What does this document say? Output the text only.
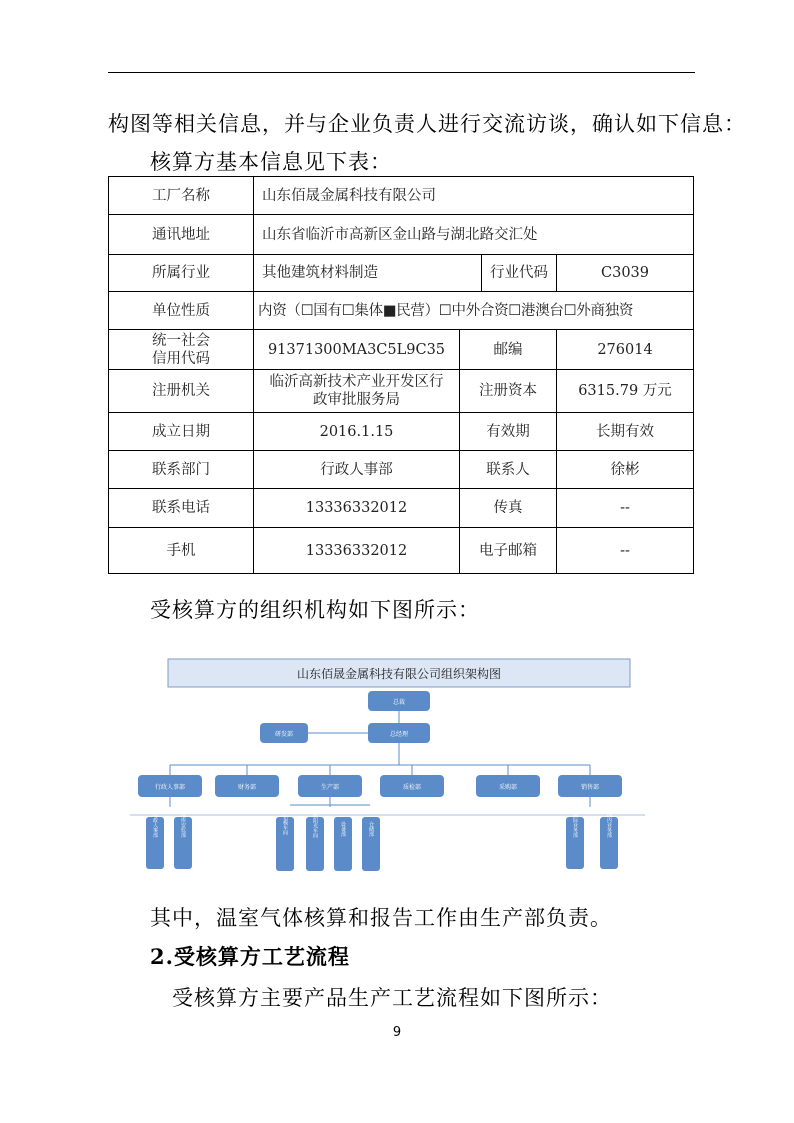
构图等相关信息，并与企业负责人进行交流访谈，确认如下信息：
核算方基本信息见下表：
工厂名称	山东佰晟金属科技有限公司			
通讯地址	山东省临沂市高新区金山路与湖北路交汇处			
所属行业	其他建筑材料制造		行业代码	C3039
单位性质	内资（☐国有☐集体■民营）☐中外合资☐港澳台☐外商独资			

统一社会
信用代码	91371300MA3C5L9C35	邮编		276014
注册机关	临沂高新技术产业开发区行
政审批服务局	注册资本		6315.79 万元
成立日期	2016.1.15	有效期		长期有效
联系部门	行政人事部	联系人		徐彬
联系电话	13336332012	传真		--
手机	13336332012	电子邮箱		--
受核算方的组织机构如下图所示：
山东佰晟金属科技有限公司组织架构图
总裁
总经理
研发部
行政人事部	财务部	生产部	质检部	采购部	销售部
行政人事部	仓库安监部	铝模车间	金色阳光车间	设备部	仓储部	国际业务部	国内业务部
其中，温室气体核算和报告工作由生产部负责。
2.受核算方工艺流程
受核算方主要产品生产工艺流程如下图所示：
9
